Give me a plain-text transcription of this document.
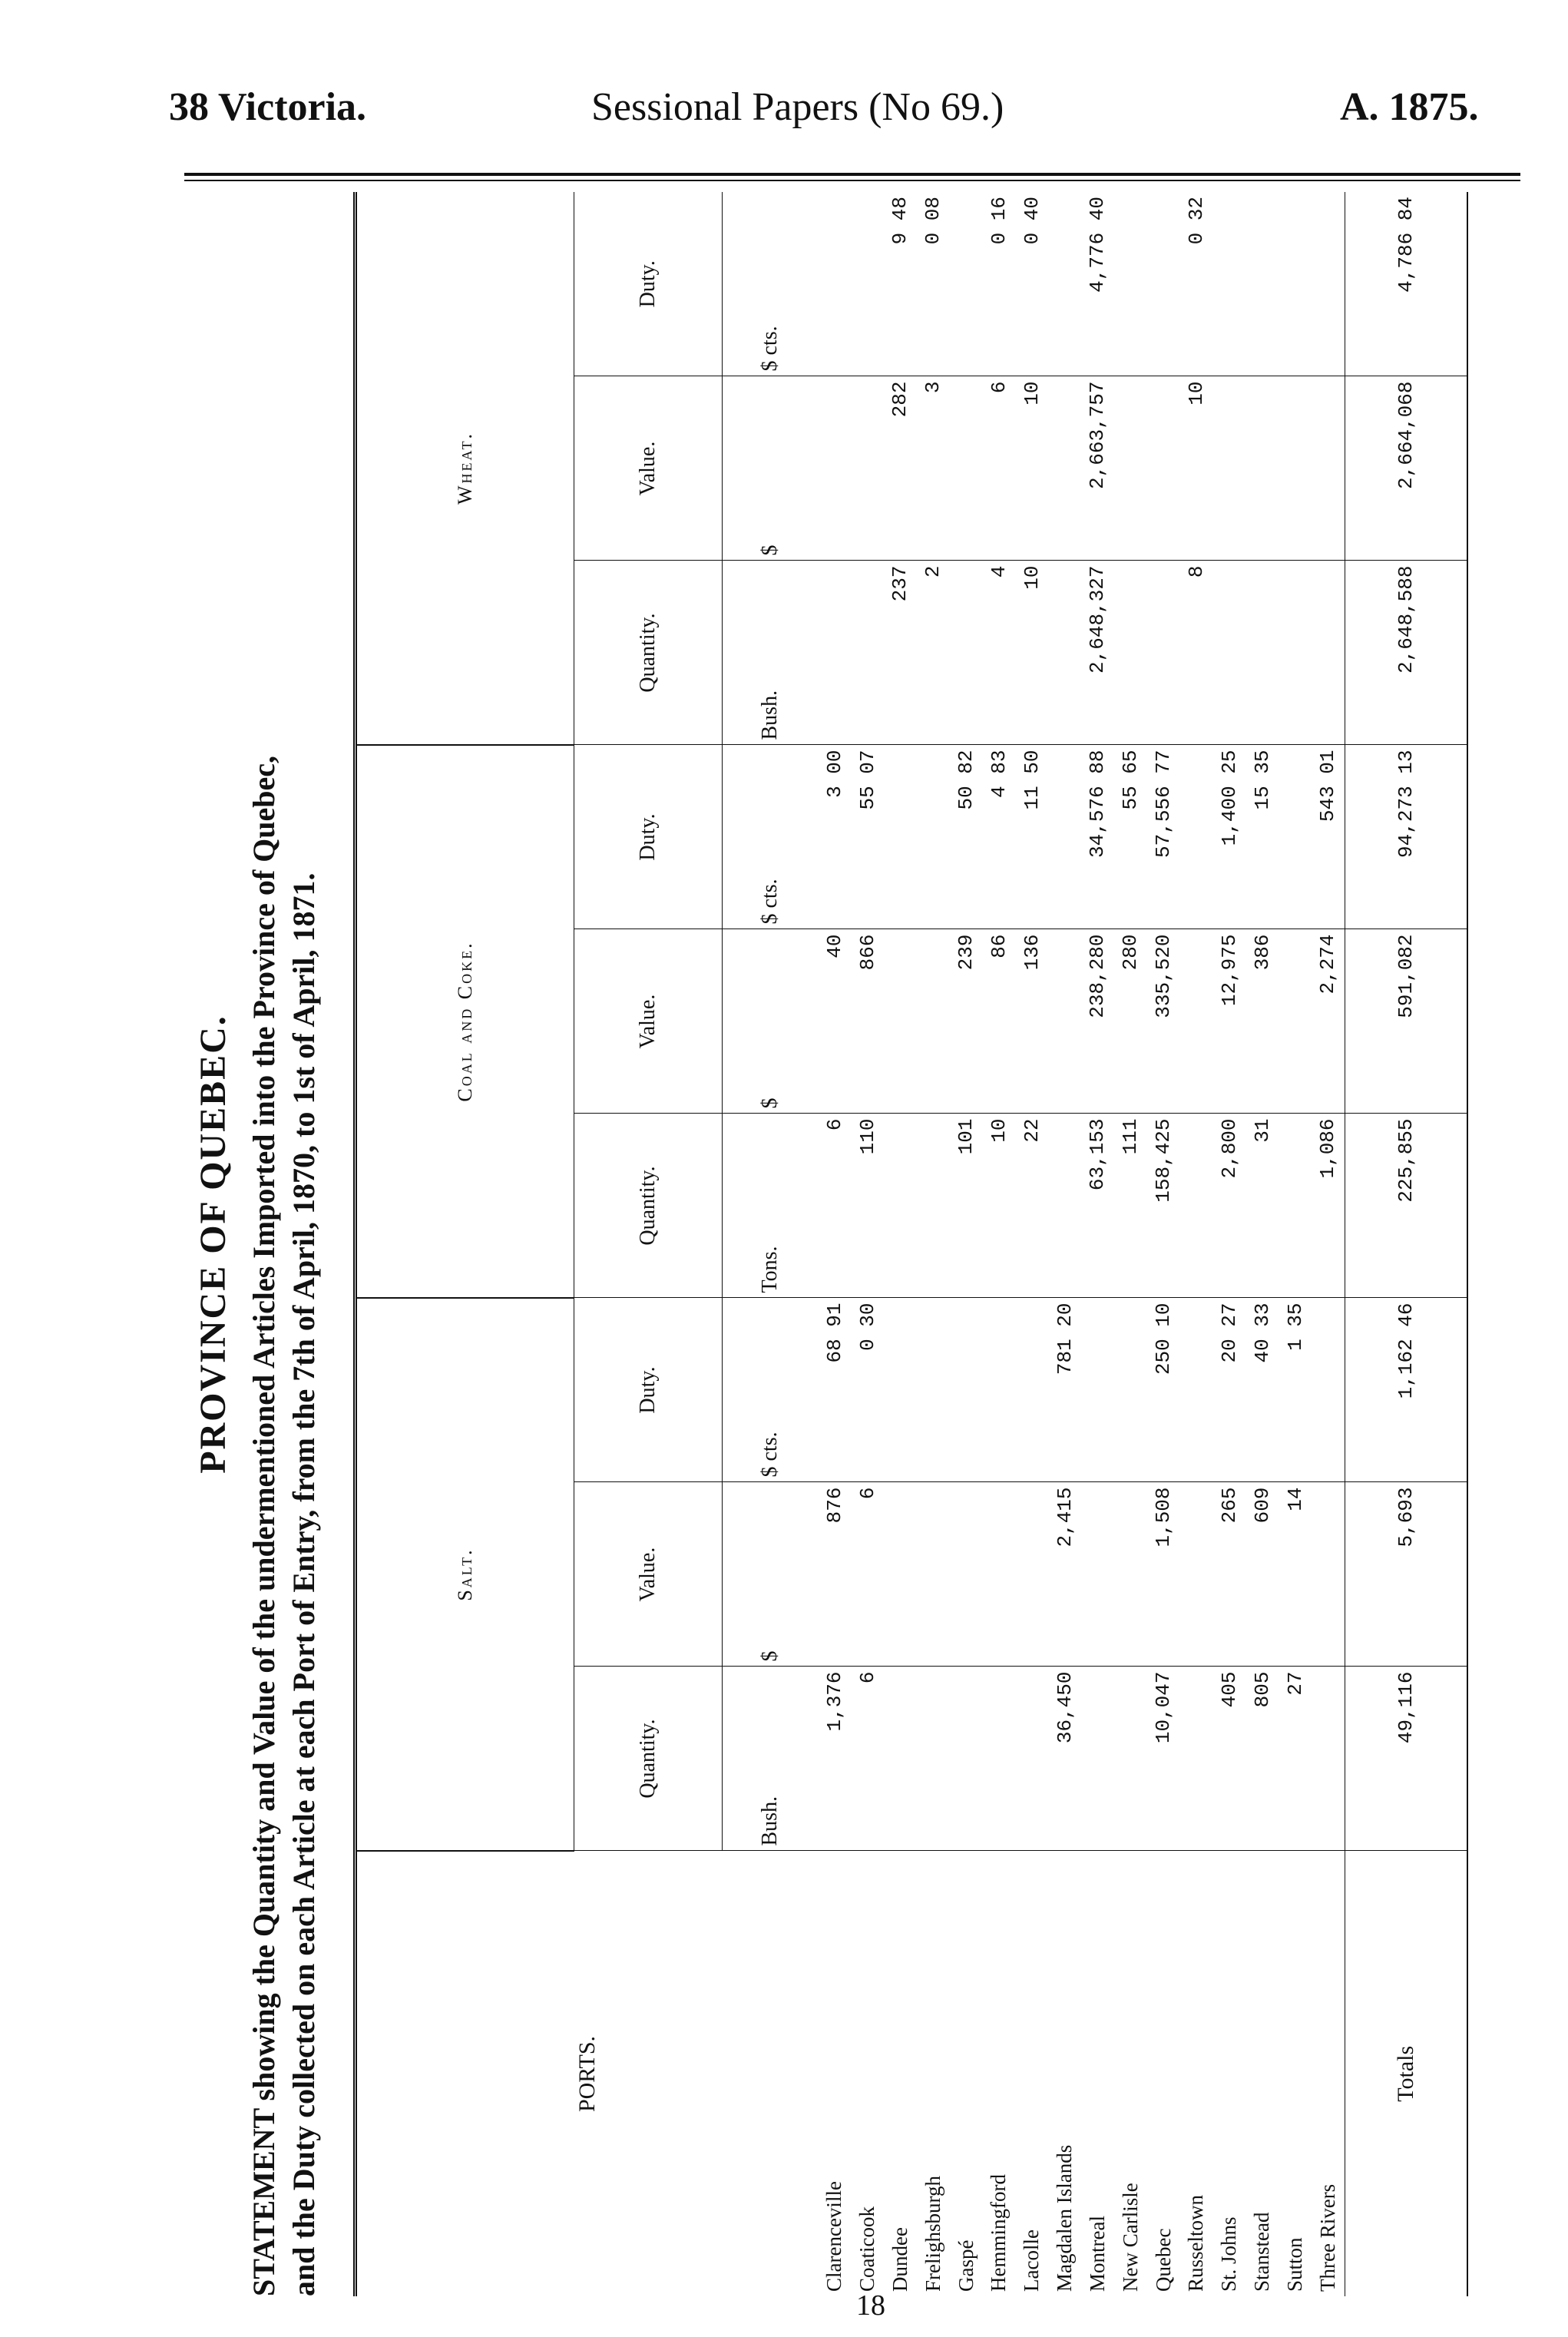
38 Victoria.	Sessional Papers (No 69.)	A. 1875.
PROVINCE OF QUEBEC. STATEMENT showing the Quantity and Value of the undermentioned Articles Imported into the Province of Quebec, and the Duty collected on each Article at each Port of Entry, from the 7th of April, 1870, to 1st of April, 1871.	PORTS.	Salt.			Coal and Coke.			Wheat.		
	Quantity.	Value.	Duty.	Quantity.	Value.	Duty.	Quantity.	Value.	Duty.
	Bush.	$	$ cts.	Tons.	$	$ cts.	Bush.	$	$ cts.
Clarenceville	1,376	876	68 91	6	40	3 00			
Coaticook	6	6	0 30	110	866	55 07			
Dundee							237	282	9 48
Frelighsburgh							2	3	0 08
Gaspé				101	239	50 82			
Hemmingford				10	86	4 83	4	6	0 16
Lacolle				22	136	11 50	10	10	0 40
Magdalen Islands	36,450	2,415	781 20						
Montreal				63,153	238,280	34,576 88	2,648,327	2,663,757	4,776 40
New Carlisle				111	280	55 65			
Quebec	10,047	1,508	250 10	158,425	335,520	57,556 77			
Russeltown							8	10	0 32
St. Johns	405	265	20 27	2,800	12,975	1,400 25			
Stanstead	805	609	40 33	31	386	15 35			
Sutton	27	14	1 35						
Three Rivers				1,086	2,274	543 01			
Totals	49,116	5,693	1,162 46	225,855	591,082	94,273 13	2,648,588	2,664,068	4,786 84
18
